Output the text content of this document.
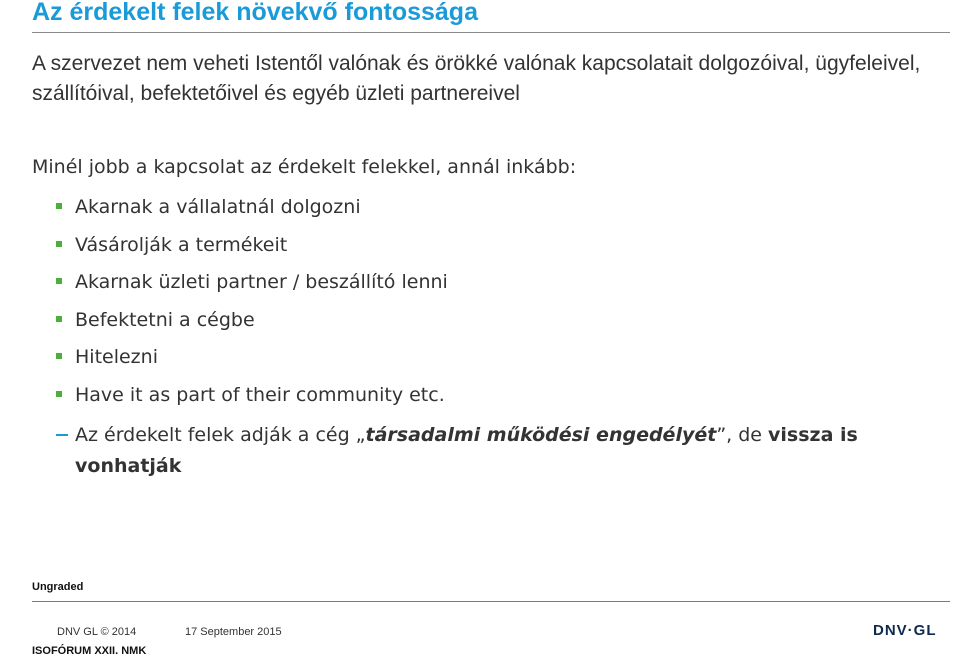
Az érdekelt felek növekvő fontossága
A szervezet nem veheti Istentől valónak és örökké valónak kapcsolatait dolgozóival, ügyfeleivel, szállítóival, befektetőivel és egyéb üzleti partnereivel
Minél jobb a kapcsolat az érdekelt felekkel, annál inkább:
Akarnak a vállalatnál dolgozni
Vásárolják a termékeit
Akarnak üzleti partner / beszállító lenni
Befektetni a cégbe
Hitelezni
Have it as part of their community etc.
Az érdekelt felek adják a cég „társadalmi működési engedélyét”, de vissza is vonhatják
Ungraded
DNV GL © 2014	17 September 2015	DNV·GL
ISOFÓRUM XXII. NMK
